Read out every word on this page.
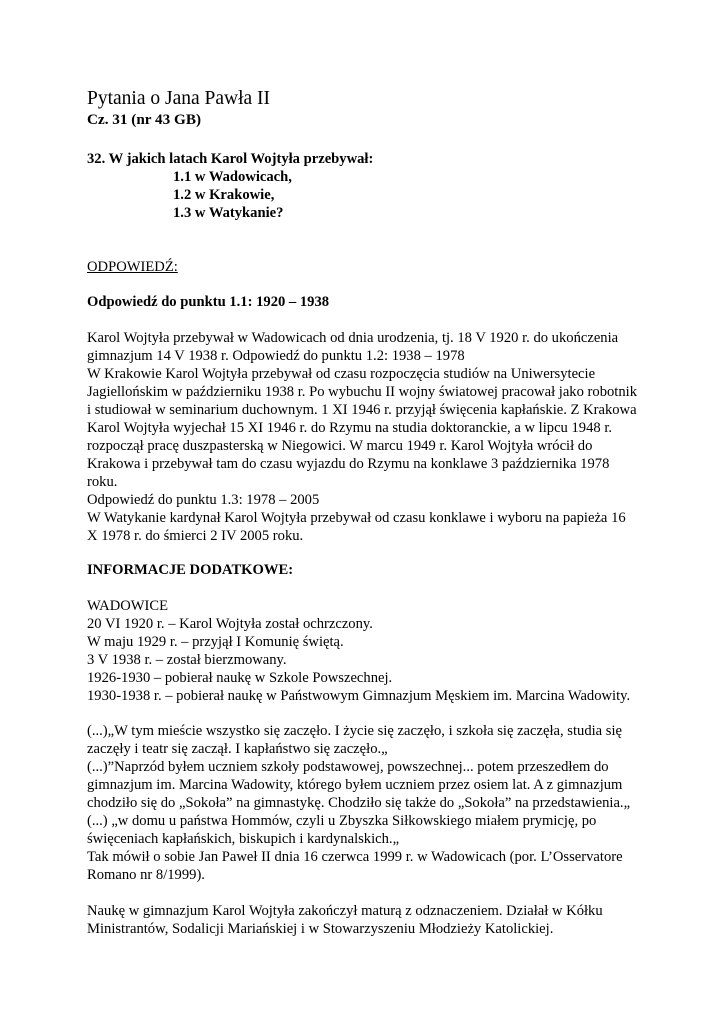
Pytania o Jana Pawła II
Cz. 31 (nr 43 GB)
32. W jakich latach Karol Wojtyła przebywał:
1.1 w Wadowicach,
1.2 w Krakowie,
1.3 w Watykanie?
ODPOWIEDŹ:
Odpowiedź do punktu 1.1: 1920 – 1938
Karol Wojtyła przebywał w Wadowicach od dnia urodzenia, tj. 18 V 1920 r. do ukończenia
gimnazjum 14 V 1938 r. Odpowiedź do punktu 1.2: 1938 – 1978
W Krakowie Karol Wojtyła przebywał od czasu rozpoczęcia studiów na Uniwersytecie
Jagiellońskim w październiku 1938 r. Po wybuchu II wojny światowej pracował jako robotnik
i studiował w seminarium duchownym. 1 XI 1946 r. przyjął święcenia kapłańskie. Z Krakowa
Karol Wojtyła wyjechał 15 XI 1946 r. do Rzymu na studia doktoranckie, a w lipcu 1948 r.
rozpoczął pracę duszpasterską w Niegowici. W marcu 1949 r. Karol Wojtyła wrócił do
Krakowa i przebywał tam do czasu wyjazdu do Rzymu na konklawe 3 października 1978
roku.
Odpowiedź do punktu 1.3: 1978 – 2005
W Watykanie kardynał Karol Wojtyła przebywał od czasu konklawe i wyboru na papieża 16
X 1978 r. do śmierci 2 IV 2005 roku.
INFORMACJE DODATKOWE:
WADOWICE
20 VI 1920 r. – Karol Wojtyła został ochrzczony.
W maju 1929 r. – przyjął I Komunię świętą.
3 V 1938 r. – został bierzmowany.
1926-1930 – pobierał naukę w Szkole Powszechnej.
1930-1938 r. – pobierał naukę w Państwowym Gimnazjum Męskiem im. Marcina Wadowity.
(...)„W tym mieście wszystko się zaczęło. I życie się zaczęło, i szkoła się zaczęła, studia się
zaczęły i teatr się zaczął. I kapłaństwo się zaczęło.„
(...)”Naprzód byłem uczniem szkoły podstawowej, powszechnej... potem przeszedłem do
gimnazjum im. Marcina Wadowity, którego byłem uczniem przez osiem lat. A z gimnazjum
chodziło się do „Sokoła” na gimnastykę. Chodziło się także do „Sokoła” na przedstawienia.„
(...) „w domu u państwa Hommów, czyli u Zbyszka Siłkowskiego miałem prymicję, po
święceniach kapłańskich, biskupich i kardynalskich.„
Tak mówił o sobie Jan Paweł II dnia 16 czerwca 1999 r. w Wadowicach (por. L’Osservatore
Romano nr 8/1999).
Naukę w gimnazjum Karol Wojtyła zakończył maturą z odznaczeniem. Działał w Kółku
Ministrantów, Sodalicji Mariańskiej i w Stowarzyszeniu Młodzieży Katolickiej.
